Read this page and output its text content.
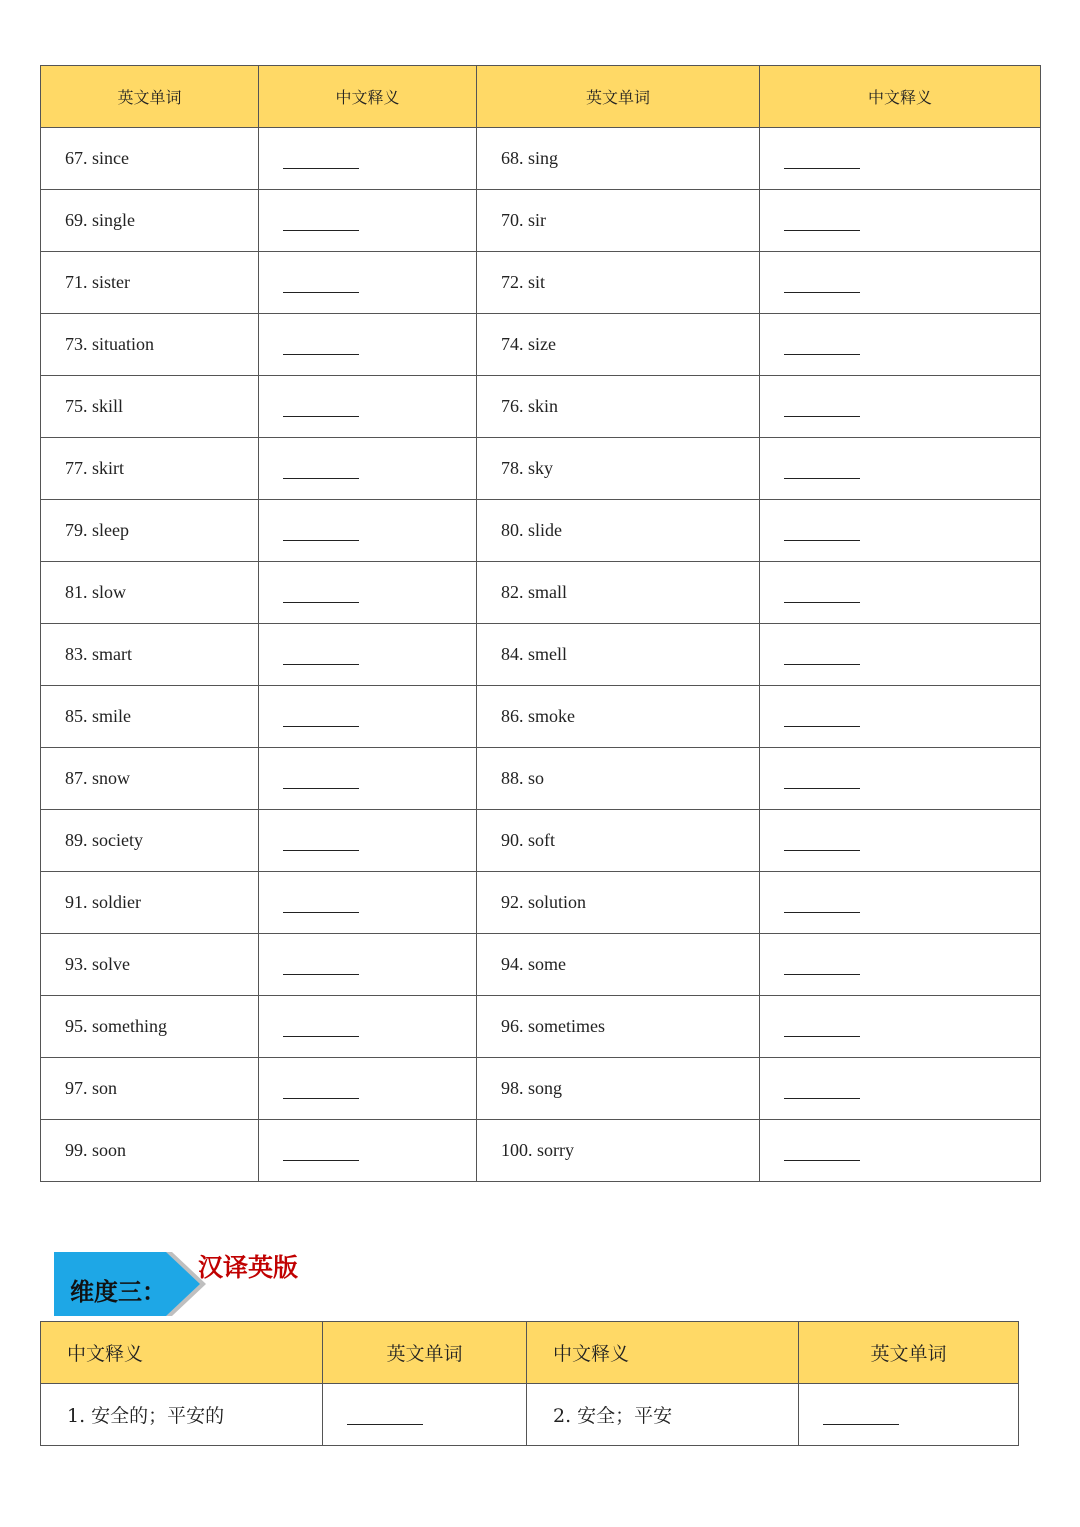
英文单词	中文释义	英文单词	中文释义
67. since		68. sing	
69. single		70. sir	
71. sister		72. sit	
73. situation		74. size	
75. skill		76. skin	
77. skirt		78. sky	
79. sleep		80. slide	
81. slow		82. small	
83. smart		84. smell	
85. smile		86. smoke	
87. snow		88. so	
89. society		90. soft	
91. soldier		92. solution	
93. solve		94. some	
95. something		96. sometimes	
97. son		98. song	
99. soon		100. sorry	
维度三：
汉译英版
中文释义	英文单词	中文释义	英文单词
1. 安全的；平安的		2. 安全；平安	
